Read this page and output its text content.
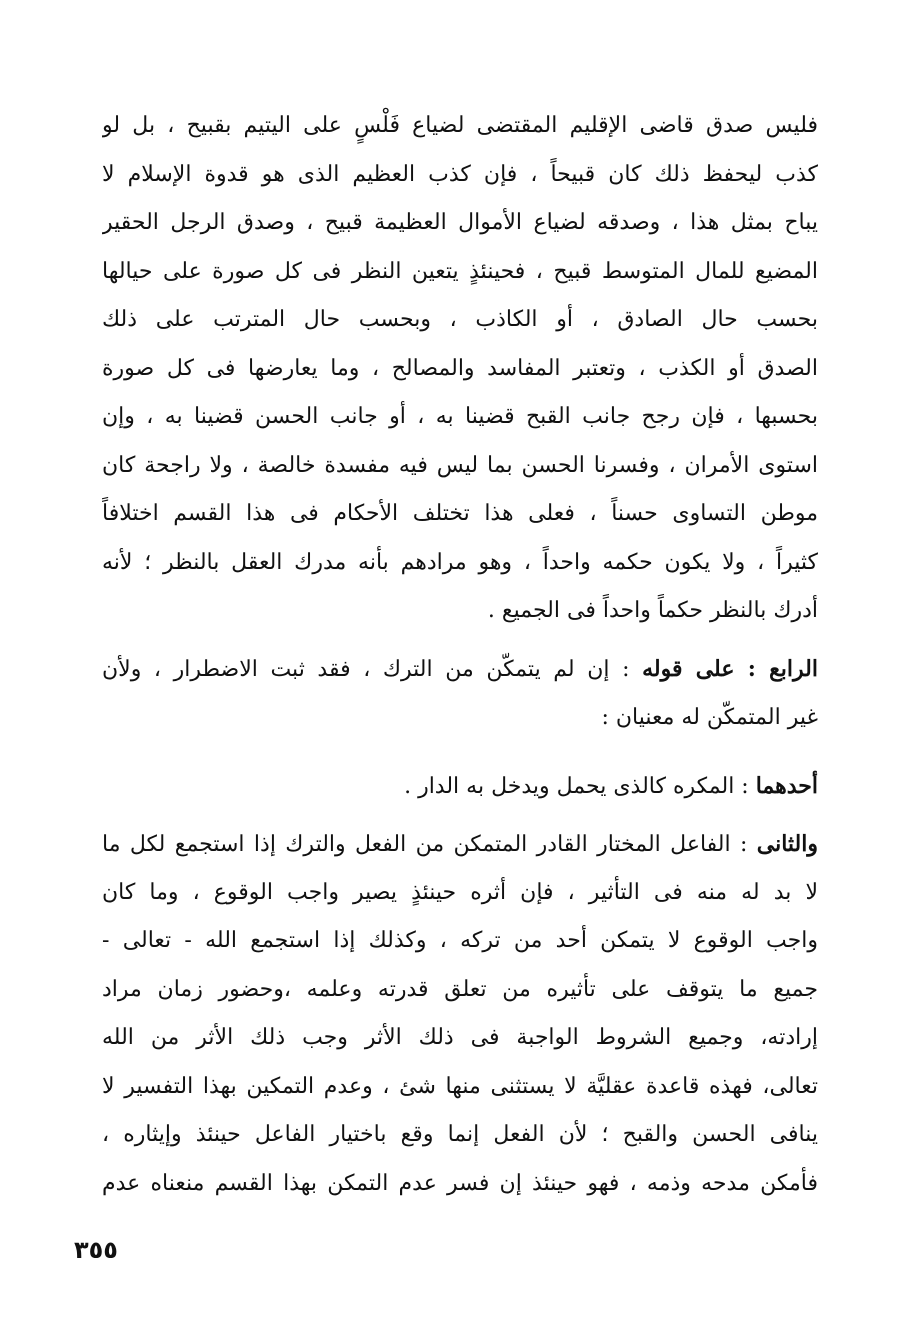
فليس صدق قاضى الإقليم المقتضى لضياع فَلْسٍ على اليتيم بقبيح ، بل لو
كذب ليحفظ ذلك كان قبيحاً ، فإن كذب العظيم الذى هو قدوة الإسلام لا
يباح بمثل هذا ، وصدقه لضياع الأموال العظيمة قبيح ، وصدق الرجل الحقير
المضيع للمال المتوسط قبيح ، فحينئذٍ يتعين النظر فى كل صورة على حيالها
بحسب حال الصادق ، أو الكاذب ، وبحسب حال المترتب على ذلك
الصدق أو الكذب ، وتعتبر المفاسد والمصالح ، وما يعارضها فى كل صورة
بحسبها ، فإن رجح جانب القبح قضينا به ، أو جانب الحسن قضينا به ، وإن
استوى الأمران ، وفسرنا الحسن بما ليس فيه مفسدة خالصة ، ولا راجحة كان
موطن التساوى حسناً ، فعلى هذا تختلف الأحكام فى هذا القسم اختلافاً
كثيراً ، ولا يكون حكمه واحداً ، وهو مرادهم بأنه مدرك العقل بالنظر ؛ لأنه
أدرك بالنظر حكماً واحداً فى الجميع .
الرابع : على قوله : إن لم يتمكّن من الترك ، فقد ثبت الاضطرار ، ولأن
غير المتمكّن له معنيان :
أحدهما : المكره كالذى يحمل ويدخل به الدار .
والثانى : الفاعل المختار القادر المتمكن من الفعل والترك إذا استجمع لكل ما
لا بد له منه فى التأثير ، فإن أثره حينئذٍ يصير واجب الوقوع ، وما كان
واجب الوقوع لا يتمكن أحد من تركه ، وكذلك إذا استجمع الله - تعالى -
جميع ما يتوقف على تأثيره من تعلق قدرته وعلمه ،وحضور زمان مراد
إرادته، وجميع الشروط الواجبة فى ذلك الأثر وجب ذلك الأثر من الله
تعالى، فهذه قاعدة عقليَّة لا يستثنى منها شئ ، وعدم التمكين بهذا التفسير لا
ينافى الحسن والقبح ؛ لأن الفعل إنما وقع باختيار الفاعل حينئذ وإيثاره ،
فأمكن مدحه وذمه ، فهو حينئذ إن فسر عدم التمكن بهذا القسم منعناه عدم
٣٥٥
